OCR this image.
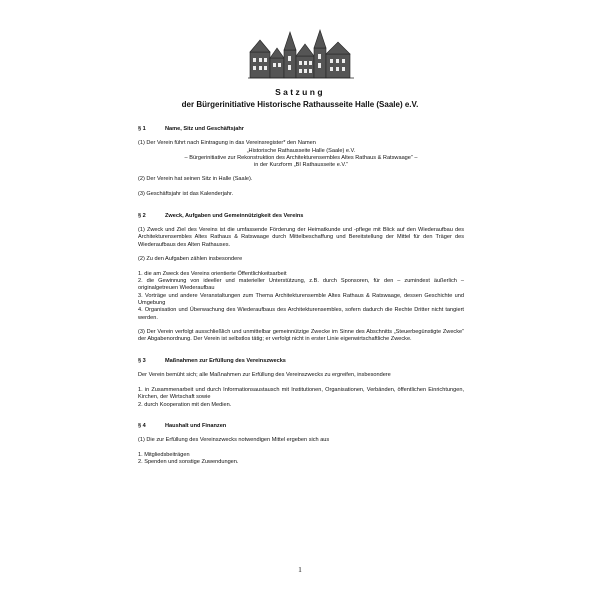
Satzung
der Bürgerinitiative Historische Rathausseite Halle (Saale) e.V.
§ 1	Name, Sitz und Geschäftsjahr

(1) Der Verein führt nach Eintragung in das Vereinsregister* den Namen

„Historische Rathausseite Halle (Saale) e.V.

– Bürgerinitiative zur Rekonstruktion des Architekturensembles Altes Rathaus & Ratswaage“ –

in der Kurzform „BI Rathausseite e.V.“

(2) Der Verein hat seinen Sitz in Halle (Saale).

(3) Geschäftsjahr ist das Kalenderjahr.

§ 2	Zweck, Aufgaben und Gemeinnützigkeit des Vereins

(1) Zweck und Ziel des Vereins ist die umfassende Förderung der Heimatkunde und -pflege mit Blick auf den Wiederaufbau des Architekturensembles Altes Rathaus & Ratswaage durch Mittelbeschaffung und Bereitstellung der Mittel für den Träger des Wiederaufbaus des Alten Rathauses.

(2) Zu den Aufgaben zählen insbesondere

1. die am Zweck des Vereins orientierte Öffentlichkeitsarbeit

2. die Gewinnung von ideeller und materieller Unterstützung, z.B. durch Sponsoren, für den – zumindest äußerlich – originalgetreuen Wiederaufbau

3. Vorträge und andere Veranstaltungen zum Thema Architekturensemble Altes Rathaus & Ratswaage, dessen Geschichte und Umgebung

4. Organisation und Überwachung des Wiederaufbaus des Architekturensembles, sofern dadurch die Rechte Dritter nicht tangiert werden.

(3) Der Verein verfolgt ausschließlich und unmittelbar gemeinnützige Zwecke im Sinne des Abschnitts „Steuerbegünstigte Zwecke“ der Abgabenordnung. Der Verein ist selbstlos tätig; er verfolgt nicht in erster Linie eigenwirtschaftliche Zwecke.

§ 3	Maßnahmen zur Erfüllung des Vereinszwecks

Der Verein bemüht sich; alle Maßnahmen zur Erfüllung des Vereinszwecks zu ergreifen, insbesondere

1. in Zusammenarbeit und durch Informationsaustausch mit Institutionen, Organisationen, Verbänden, öffentlichen Einrichtungen, Kirchen, der Wirtschaft sowie

2. durch Kooperation mit den Medien.

§ 4	Haushalt und Finanzen

(1) Die zur Erfüllung des Vereinszwecks notwendigen Mittel ergeben sich aus

1. Mitgliedsbeiträgen

2. Spenden und sonstige Zuwendungen.

1
